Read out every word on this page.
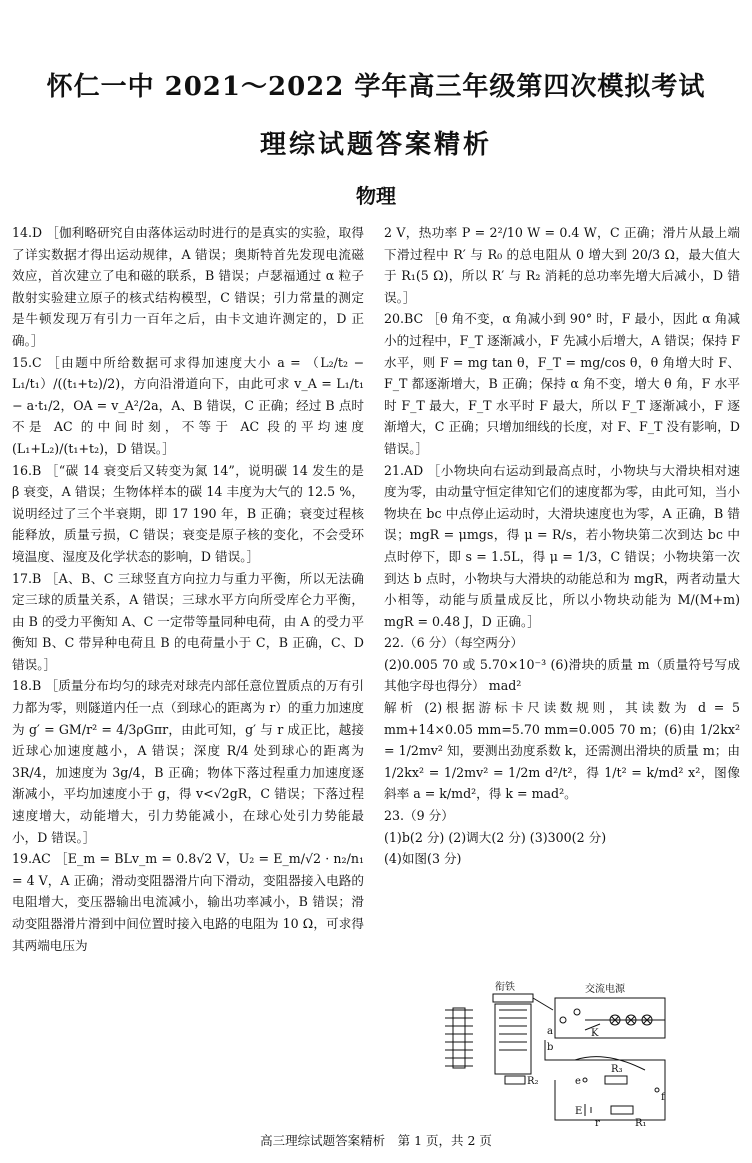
怀仁一中 2021～2022 学年高三年级第四次模拟考试
理综试题答案精析
物理

14.D ［伽利略研究自由落体运动时进行的是真实的实验，取得了详实数据才得出运动规律，A 错误；奥斯特首先发现电流磁效应，首次建立了电和磁的联系，B 错误；卢瑟福通过 α 粒子散射实验建立原子的核式结构模型，C 错误；引力常量的测定是牛顿发现万有引力一百年之后，由卡文迪许测定的，D 正确。］

15.C ［由题中所给数据可求得加速度大小 a = （L₂/t₂ − L₁/t₁）/((t₁+t₂)/2)，方向沿滑道向下，由此可求 v_A = L₁/t₁ − a·t₁/2，OA = v_A²/2a，A、B 错误，C 正确；经过 B 点时不是 AC 的中间时刻，不等于 AC 段的平均速度 (L₁+L₂)/(t₁+t₂)，D 错误。］

16.B ［“碳 14 衰变后又转变为氮 14”，说明碳 14 发生的是 β 衰变，A 错误；生物体样本的碳 14 丰度为大气的 12.5 %，说明经过了三个半衰期，即 17 190 年，B 正确；衰变过程核能释放，质量亏损，C 错误；衰变是原子核的变化，不会受环境温度、湿度及化学状态的影响，D 错误。］

17.B ［A、B、C 三球竖直方向拉力与重力平衡，所以无法确定三球的质量关系，A 错误；三球水平方向所受库仑力平衡，由 B 的受力平衡知 A、C 一定带等量同种电荷，由 A 的受力平衡知 B、C 带异种电荷且 B 的电荷量小于 C，B 正确，C、D 错误。］

18.B ［质量分布均匀的球壳对球壳内部任意位置质点的万有引力都为零，则隧道内任一点（到球心的距离为 r）的重力加速度为 g′ = GM/r² = 4/3ρGπr，由此可知，g′ 与 r 成正比，越接近球心加速度越小，A 错误；深度 R/4 处到球心的距离为 3R/4，加速度为 3g/4，B 正确；物体下落过程重力加速度逐渐减小，平均加速度小于 g，得 v<√2gR，C 错误；下落过程速度增大，动能增大，引力势能减小，在球心处引力势能最小，D 错误。］

19.AC ［E_m = BLv_m = 0.8√2 V，U₂ = E_m/√2 · n₂/n₁ = 4 V，A 正确；滑动变阻器滑片向下滑动，变阻器接入电路的电阻增大，变压器输出电流减小，输出功率减小，B 错误；滑动变阻器滑片滑到中间位置时接入电路的电阻为 10 Ω，可求得其两端电压为

2 V，热功率 P = 2²/10 W = 0.4 W，C 正确；滑片从最上端下滑过程中 R′ 与 R₀ 的总电阻从 0 增大到 20/3 Ω，最大值大于 R₁(5 Ω)，所以 R′ 与 R₂ 消耗的总功率先增大后减小，D 错误。］

20.BC ［θ 角不变，α 角减小到 90° 时，F 最小，因此 α 角减小的过程中，F_T 逐渐减小，F 先减小后增大，A 错误；保持 F 水平，则 F = mg tan θ，F_T = mg/cos θ，θ 角增大时 F、F_T 都逐渐增大，B 正确；保持 α 角不变，增大 θ 角，F 水平时 F_T 最大，F_T 水平时 F 最大，所以 F_T 逐渐减小，F 逐渐增大，C 正确；只增加细线的长度，对 F、F_T 没有影响，D 错误。］

21.AD ［小物块向右运动到最高点时，小物块与大滑块相对速度为零，由动量守恒定律知它们的速度都为零，由此可知，当小物块在 bc 中点停止运动时，大滑块速度也为零，A 正确，B 错误；mgR = μmgs，得 μ = R/s，若小物块第二次到达 bc 中点时停下，即 s = 1.5L，得 μ = 1/3，C 错误；小物块第一次到达 b 点时，小物块与大滑块的动能总和为 mgR，两者动量大小相等，动能与质量成反比，所以小物块动能为 M/(M+m) mgR = 0.48 J，D 正确。］

22.（6 分）（每空两分）

(2)0.005 70 或 5.70×10⁻³ (6)滑块的质量 m（质量符号写成其他字母也得分） mad²

解析 (2)根据游标卡尺读数规则，其读数为 d = 5 mm+14×0.05 mm=5.70 mm=0.005 70 m；(6)由 1/2kx² = 1/2mv² 知，要测出劲度系数 k，还需测出滑块的质量 m；由 1/2kx² = 1/2mv² = 1/2m d²/t²，得 1/t² = k/md² x²，图像斜率 a = k/md²，得 k = mad²。

23.（9 分）

(1)b(2 分) (2)调大(2 分) (3)300(2 分)

(4)如图(3 分)

衔铁	交流电源
K
R₂
b
a
R₃
E
r	R₁
e
f
高三理综试题答案精析　第 1 页，共 2 页
